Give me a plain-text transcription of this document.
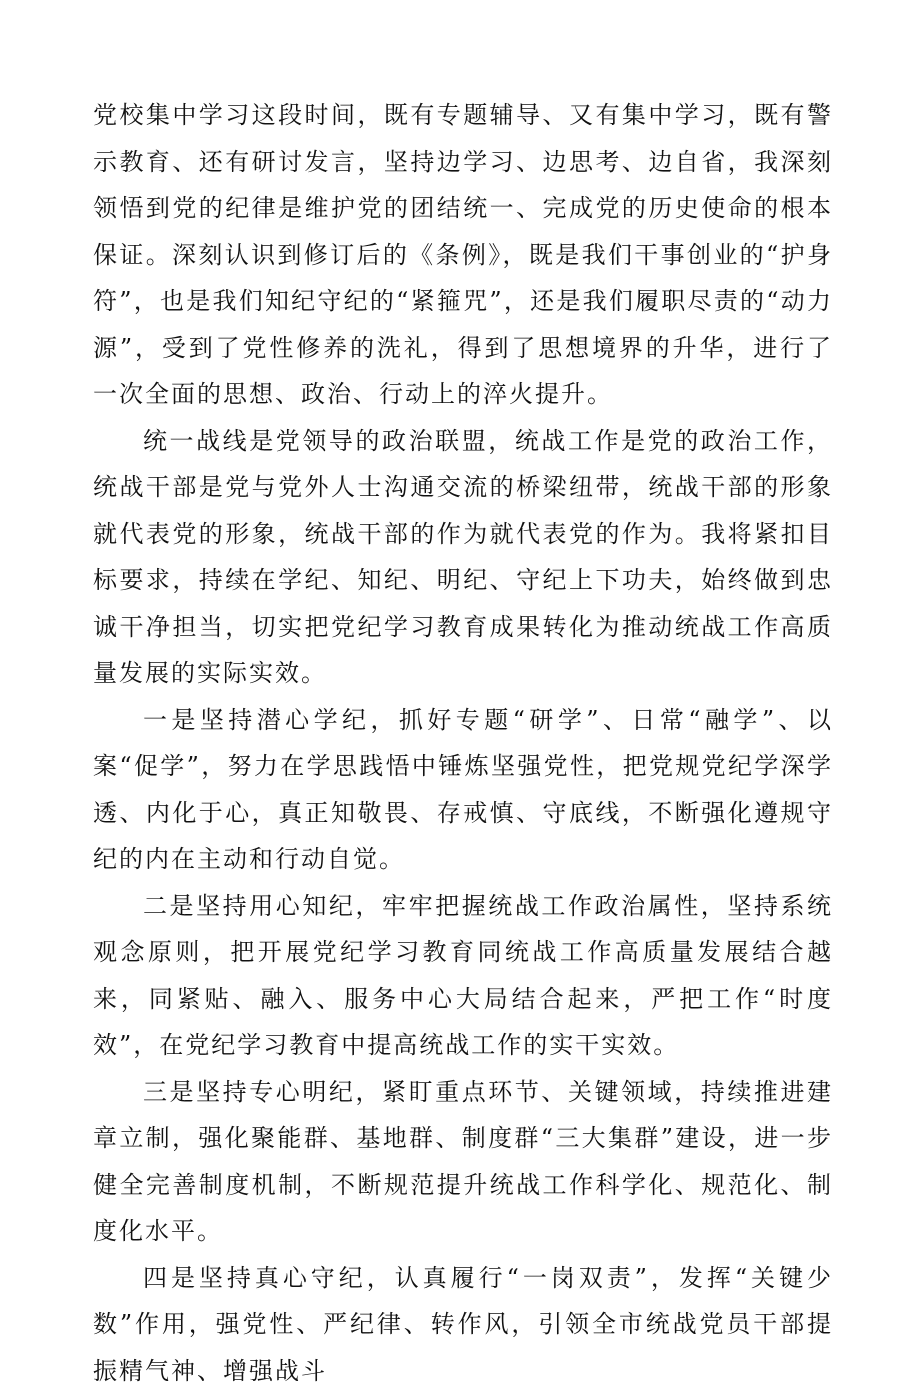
党校集中学习这段时间，既有专题辅导、又有集中学习，既有警示教育、还有研讨发言，坚持边学习、边思考、边自省，我深刻领悟到党的纪律是维护党的团结统一、完成党的历史使命的根本保证。深刻认识到修订后的《条例》，既是我们干事创业的“护身符”，也是我们知纪守纪的“紧箍咒”，还是我们履职尽责的“动力源”，受到了党性修养的洗礼，得到了思想境界的升华，进行了一次全面的思想、政治、行动上的淬火提升。

统一战线是党领导的政治联盟，统战工作是党的政治工作，统战干部是党与党外人士沟通交流的桥梁纽带，统战干部的形象就代表党的形象，统战干部的作为就代表党的作为。我将紧扣目标要求，持续在学纪、知纪、明纪、守纪上下功夫，始终做到忠诚干净担当，切实把党纪学习教育成果转化为推动统战工作高质量发展的实际实效。

一是坚持潜心学纪，抓好专题“研学”、日常“融学”、以案“促学”，努力在学思践悟中锤炼坚强党性，把党规党纪学深学透、内化于心，真正知敬畏、存戒慎、守底线，不断强化遵规守纪的内在主动和行动自觉。

二是坚持用心知纪，牢牢把握统战工作政治属性，坚持系统观念原则，把开展党纪学习教育同统战工作高质量发展结合越来，同紧贴、融入、服务中心大局结合起来，严把工作“时度效”，在党纪学习教育中提高统战工作的实干实效。

三是坚持专心明纪，紧盯重点环节、关键领域，持续推进建章立制，强化聚能群、基地群、制度群“三大集群”建设，进一步健全完善制度机制，不断规范提升统战工作科学化、规范化、制度化水平。

四是坚持真心守纪，认真履行“一岗双责”，发挥“关键少数”作用，强党性、严纪律、转作风，引领全市统战党员干部提振精气神、增强战斗
